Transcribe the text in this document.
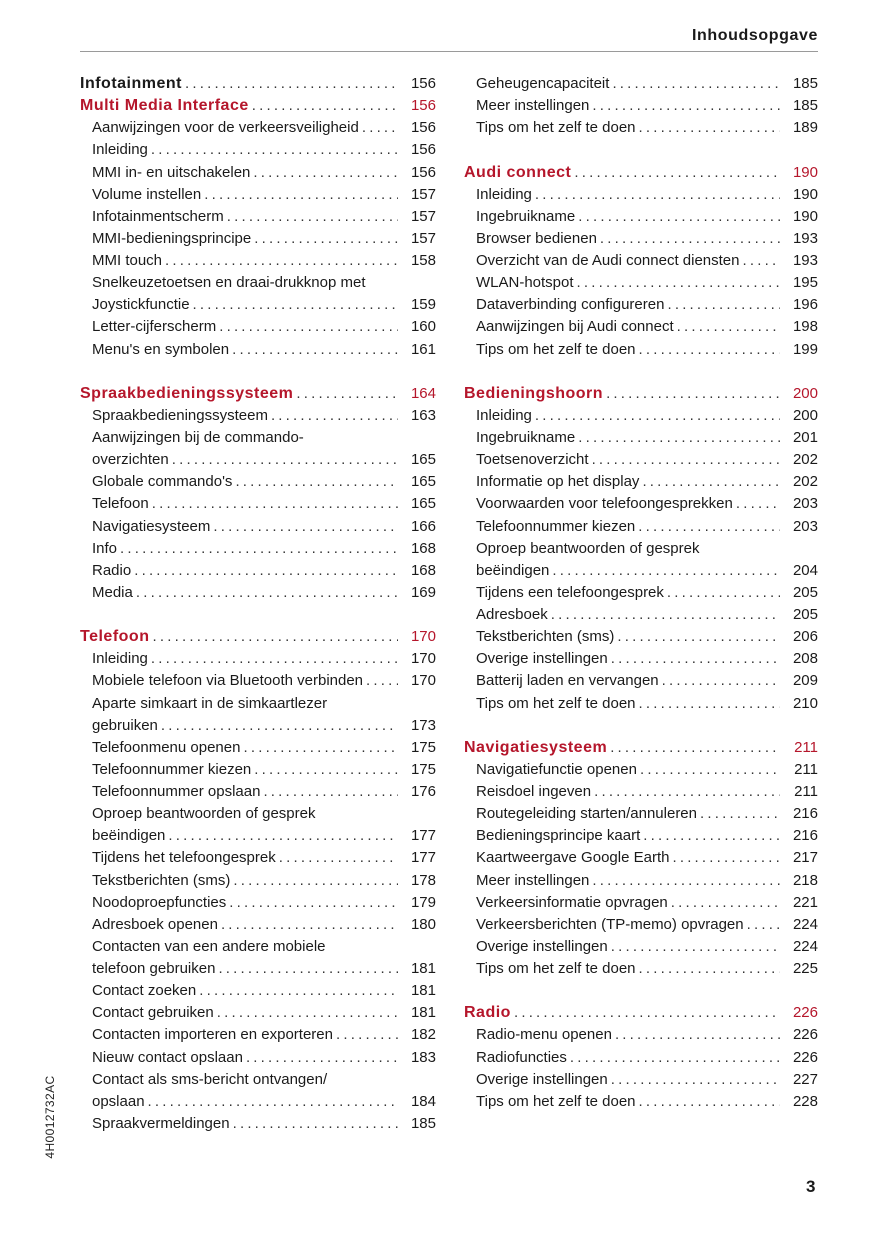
Inhoudsopgave
Infotainment .....	156
Multi Media Interface .....	156
Aanwijzingen voor de verkeersveiligheid .....	156
Inleiding .....	156
MMI in- en uitschakelen .....	156
Volume instellen .....	157
Infotainmentscherm .....	157
MMI-bedieningsprincipe .....	157
MMI touch .....	158
Snelkeuzetoetsen en draai-drukknop met
Joystickfunctie .....	159
Letter-cijferscherm .....	160
Menu's en symbolen .....	161
Spraakbedieningssysteem .....	164
Spraakbedieningssysteem .....	163
Aanwijzingen bij de commando-
overzichten .....	165
Globale commando's .....	165
Telefoon .....	165
Navigatiesysteem .....	166
Info .....	168
Radio .....	168
Media .....	169
Telefoon .....	170
Inleiding .....	170
Mobiele telefoon via Bluetooth verbinden .....	170
Aparte simkaart in de simkaartlezer
gebruiken .....	173
Telefoonmenu openen .....	175
Telefoonnummer kiezen .....	175
Telefoonnummer opslaan .....	176
Oproep beantwoorden of gesprek
beëindigen .....	177
Tijdens het telefoongesprek .....	177
Tekstberichten (sms) .....	178
Noodoproepfuncties .....	179
Adresboek openen .....	180
Contacten van een andere mobiele
telefoon gebruiken .....	181
Contact zoeken .....	181
Contact gebruiken .....	181
Contacten importeren en exporteren .....	182
Nieuw contact opslaan .....	183
Contact als sms-bericht ontvangen/
opslaan .....	184
Spraakvermeldingen .....	185
Geheugencapaciteit .....	185
Meer instellingen .....	185
Tips om het zelf te doen .....	189
Audi connect .....	190
Inleiding .....	190
Ingebruikname .....	190
Browser bedienen .....	193
Overzicht van de Audi connect diensten .....	193
WLAN-hotspot .....	195
Dataverbinding configureren .....	196
Aanwijzingen bij Audi connect .....	198
Tips om het zelf te doen .....	199
Bedieningshoorn .....	200
Inleiding .....	200
Ingebruikname .....	201
Toetsenoverzicht .....	202
Informatie op het display .....	202
Voorwaarden voor telefoongesprekken .....	203
Telefoonnummer kiezen .....	203
Oproep beantwoorden of gesprek
beëindigen .....	204
Tijdens een telefoongesprek .....	205
Adresboek .....	205
Tekstberichten (sms) .....	206
Overige instellingen .....	208
Batterij laden en vervangen .....	209
Tips om het zelf te doen .....	210
Navigatiesysteem .....	211
Navigatiefunctie openen .....	211
Reisdoel ingeven .....	211
Routegeleiding starten/annuleren .....	216
Bedieningsprincipe kaart .....	216
Kaartweergave Google Earth .....	217
Meer instellingen .....	218
Verkeersinformatie opvragen .....	221
Verkeersberichten (TP-memo) opvragen .....	224
Overige instellingen .....	224
Tips om het zelf te doen .....	225
Radio .....	226
Radio-menu openen .....	226
Radiofuncties .....	226
Overige instellingen .....	227
Tips om het zelf te doen .....	228
4H0012732AC
3
